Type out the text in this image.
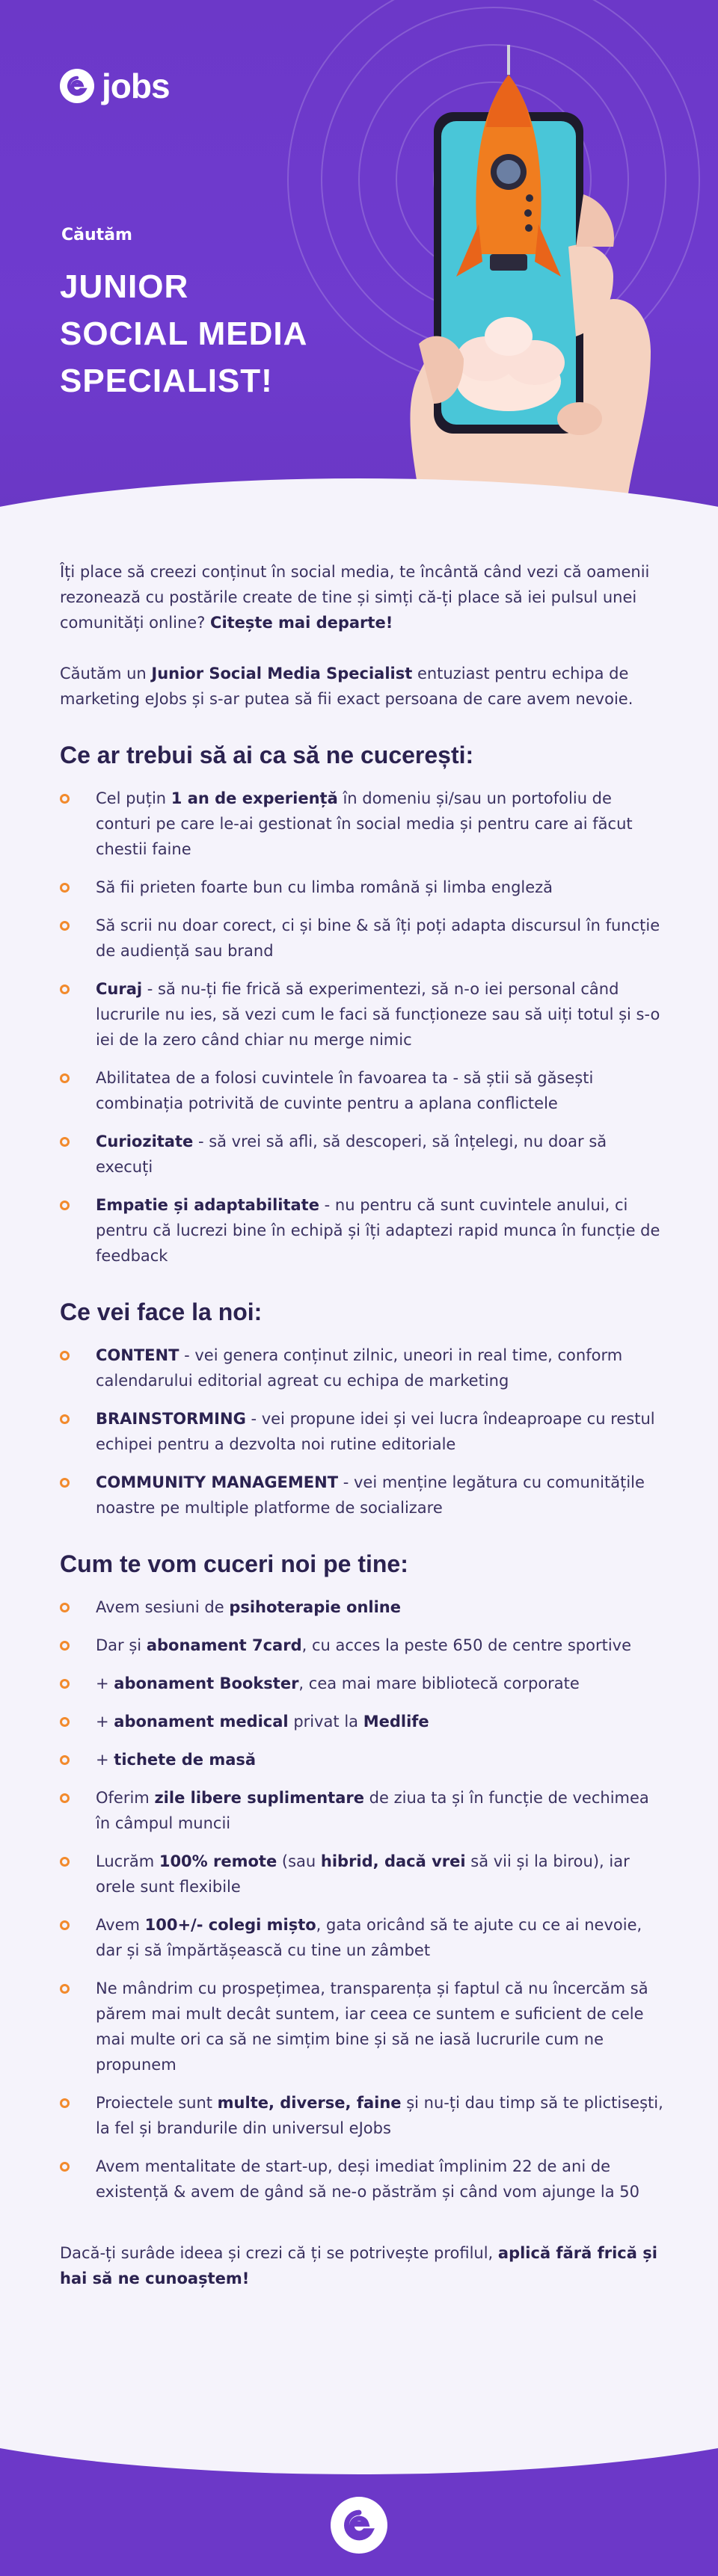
jobs
Căutăm
JUNIOR
SOCIAL MEDIA
SPECIALIST!

Îți place să creezi conținut în social media, te încântă când vezi că oamenii rezonează cu postările create de tine și simți că-ți place să iei pulsul unei comunități online? Citește mai departe!

Căutăm un Junior Social Media Specialist entuziast pentru echipa de marketing eJobs și s-ar putea să fii exact persoana de care avem nevoie.

Ce ar trebui să ai ca să ne cucerești:
Cel puțin 1 an de experiență în domeniu și/sau un portofoliu de conturi pe care le-ai gestionat în social media și pentru care ai făcut chestii faine
Să fii prieten foarte bun cu limba română și limba engleză
Să scrii nu doar corect, ci și bine & să îți poți adapta discursul în funcție de audiență sau brand
Curaj - să nu-ți fie frică să experimentezi, să n-o iei personal când lucrurile nu ies, să vezi cum le faci să funcționeze sau să uiți totul și s-o iei de la zero când chiar nu merge nimic
Abilitatea de a folosi cuvintele în favoarea ta - să știi să găsești combinația potrivită de cuvinte pentru a aplana conflictele
Curiozitate - să vrei să afli, să descoperi, să înțelegi, nu doar să execuți
Empatie și adaptabilitate - nu pentru că sunt cuvintele anului, ci pentru că lucrezi bine în echipă și îți adaptezi rapid munca în funcție de feedback
Ce vei face la noi:
CONTENT - vei genera conținut zilnic, uneori in real time, conform calendarului editorial agreat cu echipa de marketing
BRAINSTORMING - vei propune idei și vei lucra îndeaproape cu restul echipei pentru a dezvolta noi rutine editoriale
COMMUNITY MANAGEMENT - vei menține legătura cu comunitățile noastre pe multiple platforme de socializare
Cum te vom cuceri noi pe tine:
Avem sesiuni de psihoterapie online
Dar și abonament 7card, cu acces la peste 650 de centre sportive
+ abonament Bookster, cea mai mare bibliotecă corporate
+ abonament medical privat la Medlife
+ tichete de masă
Oferim zile libere suplimentare de ziua ta și în funcție de vechimea în câmpul muncii
Lucrăm 100% remote (sau hibrid, dacă vrei să vii și la birou), iar orele sunt flexibile
Avem 100+/- colegi mișto, gata oricând să te ajute cu ce ai nevoie, dar și să împărtășească cu tine un zâmbet
Ne mândrim cu prospețimea, transparența și faptul că nu încercăm să părem mai mult decât suntem, iar ceea ce suntem e suficient de cele mai multe ori ca să ne simțim bine și să ne iasă lucrurile cum ne propunem
Proiectele sunt multe, diverse, faine și nu-ți dau timp să te plictisești, la fel și brandurile din universul eJobs
Avem mentalitate de start-up, deși imediat împlinim 22 de ani de existență & avem de gând să ne-o păstrăm și când vom ajunge la 50

Dacă-ți surâde ideea și crezi că ți se potrivește profilul, aplică fără frică și hai să ne cunoaștem!
